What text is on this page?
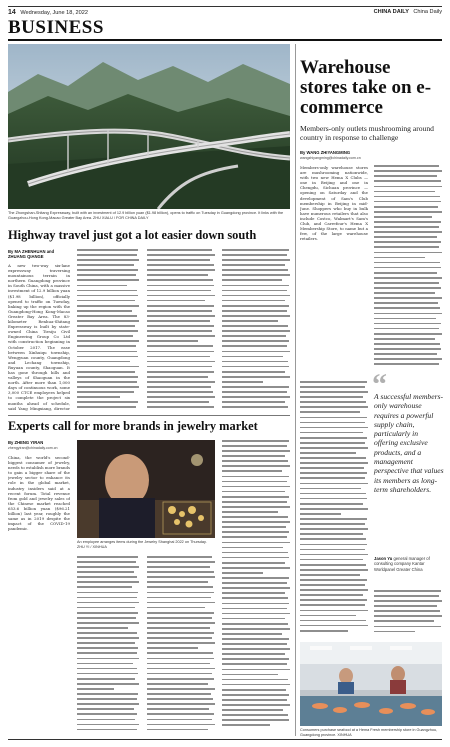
14 Wednesday, June 18, 2022	CHINA DAILY China Daily
BUSINESS
The Zhongshan-Shitang Expressway, built with an investment of 12.9 billion yuan ($1.98 billion), opens to traffic on Tuesday in Guangdong province. It links with the Guangzhou-Hong Kong-Macao Greater Bay Area. ZHU XIALU / FOR CHINA DAILY
Highway travel just got a lot easier down south
By MA ZHENHUAN and ZHUANG QIANGE
A new two-way six-lane expressway traversing mountainous terrain in northern Guangdong province in South China, with a massive investment of 12.9 billion yuan ($1.98 billion), officially opened to traffic on Tuesday, linking up the region with the Guangdong-Hong Kong-Macao Greater Bay Area. The 83-kilometer Renhua-Shitang Expressway is built by state-owned China Tiesiju Civil Engineering Group Co Ltd with construction beginning in October 2017. The ease between Xinhuiqu township, Wengyuan county, Guangdong and Lechang township, Ruyuan county, Shaoguan. It has gone through hills and valleys of Shaoguan in the north. After more than 1,000 days of continuous work, some 3,000 CTCE employees helped to complete the project six months ahead of schedule, said Yang Mingxiang, director
Experts call for more brands in jewelry market
By ZHENG YIRAN
zhengyiran@chinadaily.com.cn
China, the world's second-biggest consumer of jewelry, needs to establish more brands to gain a bigger share of the jewelry sector to enhance its role in the global market, industry insiders said at a recent forum. Total revenue from gold and jewelry sales of the Chinese market reached 653.6 billion yuan ($96.21 billion) last year, roughly the same as in 2019 despite the impact of the COVID-19 pandemic.
An employee arranges items during the Jewelry Shanghai 2022 on Thursday. ZHU YI / XINHUA
Warehouse stores take on e-commerce
Members-only outlets mushrooming around country in response to challenge
By WANG ZHIYANGMING
wangzhiyangming@chinadaily.com.cn
Members-only warehouse stores are mushrooming nationwide, with two new Hema X Clubs — one in Beijing and one in Chengdu, Sichuan province — opening on Saturday and the development of Sam's Club membership in Beijing in mid-June. Shoppers who buy in bulk have numerous retailers that also include Costco, Walmart's Sam's Club, and Carrefour's Hema X Membership Store, to name but a few, of the large warehouse retailers.
“
A successful members-only warehouse requires a powerful supply chain, particularly in offering exclusive products, and a management perspective that values its members as long-term shareholders.
Jason Yu general manager of consulting company Kantar Worldpanel Greater China
Consumers purchase seafood at a Hema Fresh membership store in Guangzhou, Guangdong province. XINHUA
